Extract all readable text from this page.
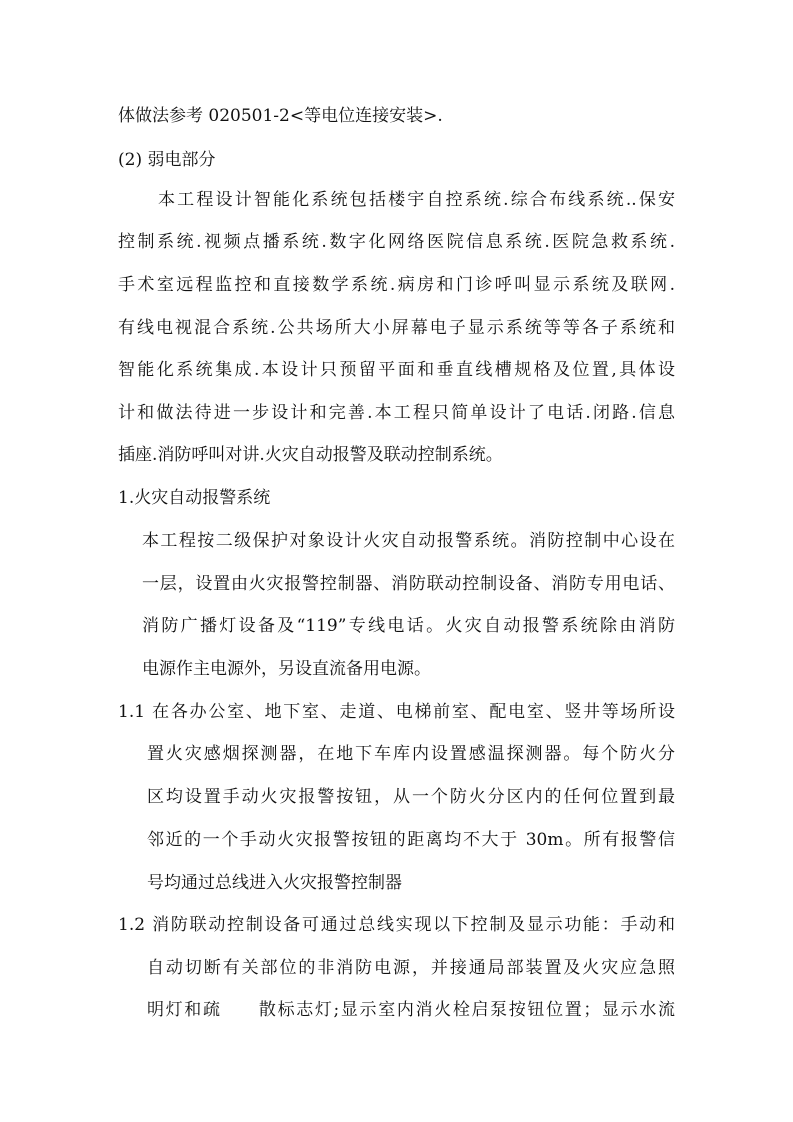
体做法参考 020501-2<等电位连接安装>.
(2) 弱电部分
本工程设计智能化系统包括楼宇自控系统.综合布线系统..保安
控制系统.视频点播系统.数字化网络医院信息系统.医院急救系统.
手术室远程监控和直接数学系统.病房和门诊呼叫显示系统及联网.
有线电视混合系统.公共场所大小屏幕电子显示系统等等各子系统和
智能化系统集成.本设计只预留平面和垂直线槽规格及位置,具体设
计和做法待进一步设计和完善.本工程只简单设计了电话.闭路.信息
插座.消防呼叫对讲.火灾自动报警及联动控制系统。
1.火灾自动报警系统
本工程按二级保护对象设计火灾自动报警系统。消防控制中心设在
一层，设置由火灾报警控制器、消防联动控制设备、消防专用电话、
消防广播灯设备及“119”专线电话。火灾自动报警系统除由消防
电源作主电源外，另设直流备用电源。
1.1 在各办公室、地下室、走道、电梯前室、配电室、竖井等场所设
置火灾感烟探测器，在地下车库内设置感温探测器。每个防火分
区均设置手动火灾报警按钮，从一个防火分区内的任何位置到最
邻近的一个手动火灾报警按钮的距离均不大于 30m。所有报警信
号均通过总线进入火灾报警控制器
1.2 消防联动控制设备可通过总线实现以下控制及显示功能：手动和
自动切断有关部位的非消防电源，并接通局部装置及火灾应急照
明灯和疏　　散标志灯;显示室内消火栓启泵按钮位置；显示水流
